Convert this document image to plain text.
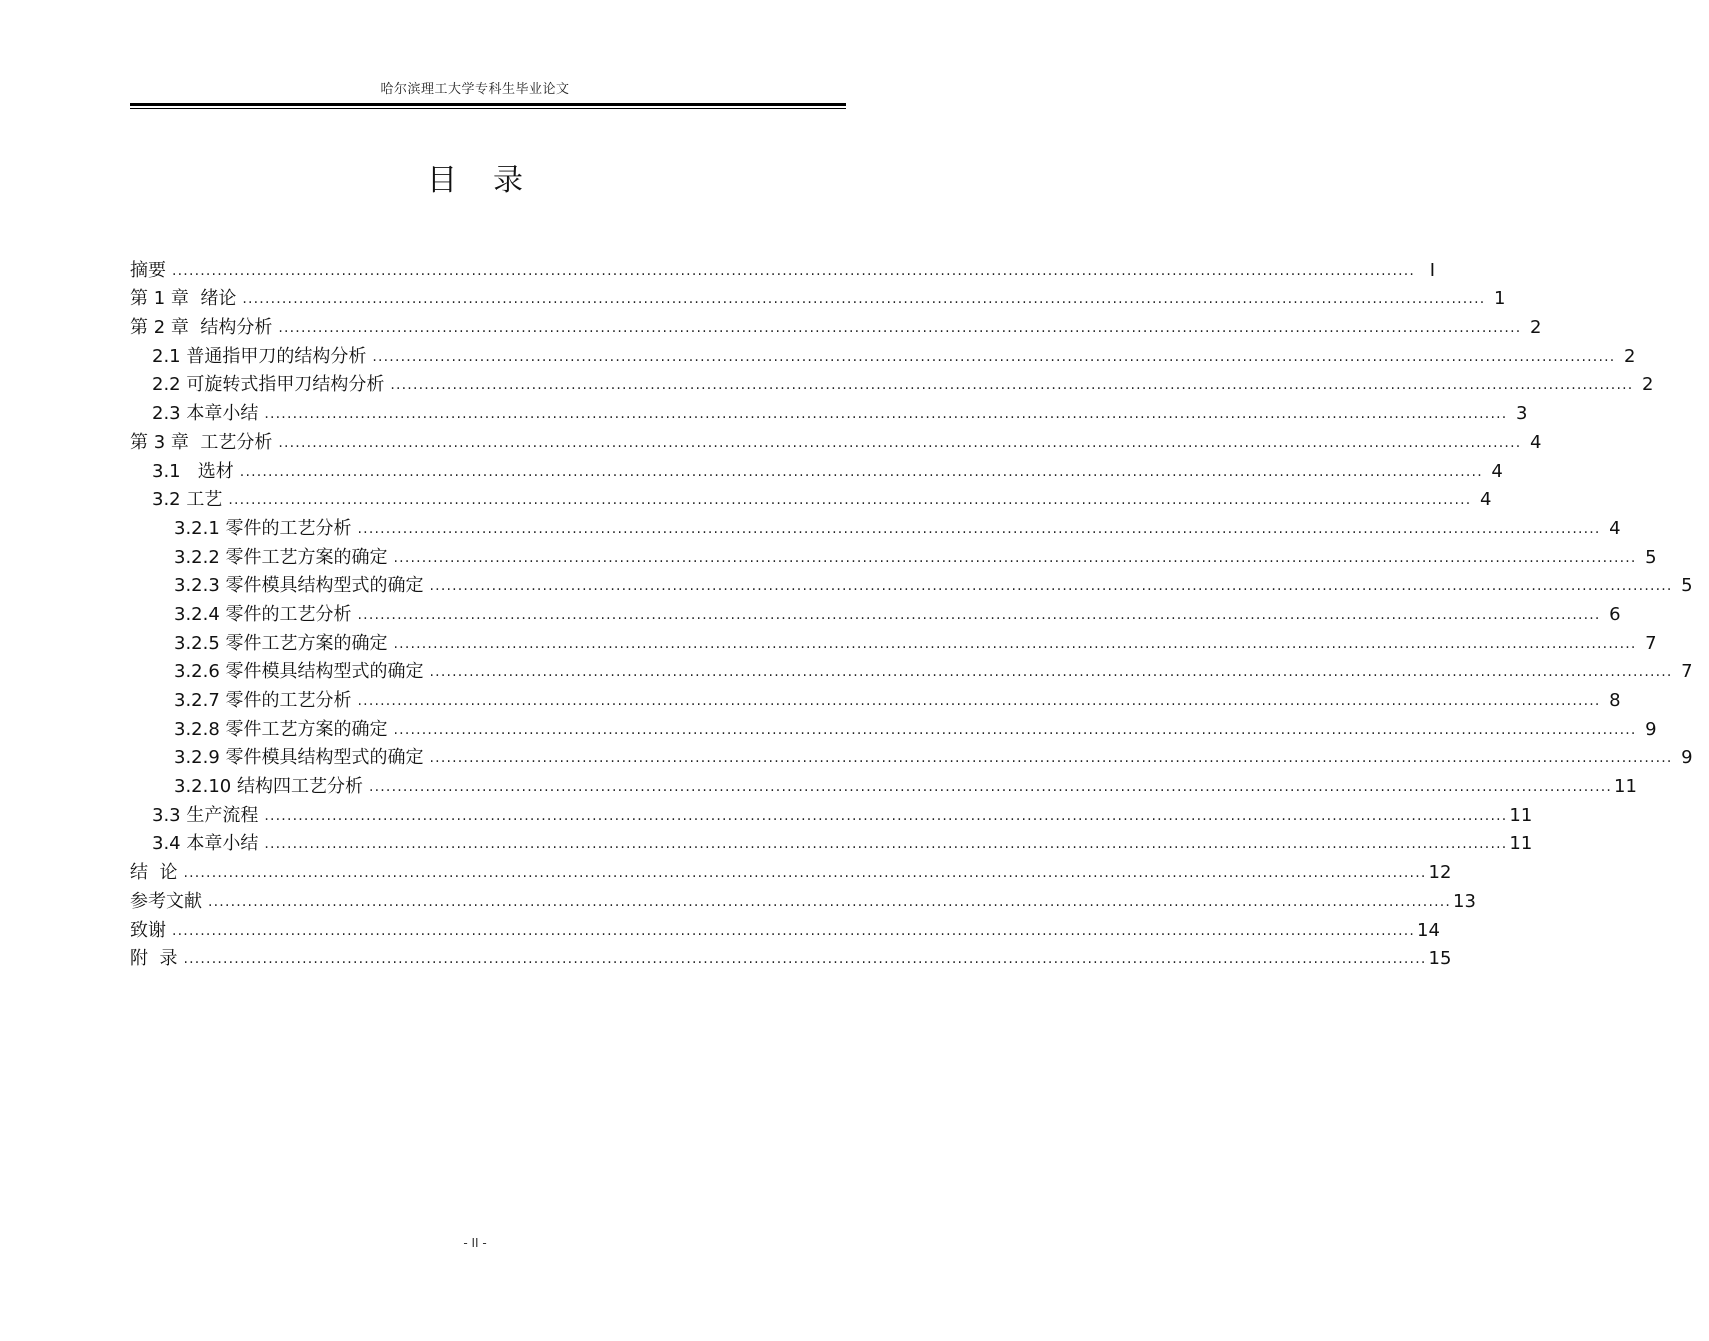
哈尔滨理工大学专科生毕业论文
目录
摘要 ............................................................................................................................................................................................................................ I
第 1 章  绪论 ............................................................................................................................................................................................................................ 1
第 2 章  结构分析 ............................................................................................................................................................................................................................ 2
2.1 普通指甲刀的结构分析 ............................................................................................................................................................................................................................ 2
2.2 可旋转式指甲刀结构分析 ............................................................................................................................................................................................................................ 2
2.3 本章小结 ............................................................................................................................................................................................................................ 3
第 3 章  工艺分析 ............................................................................................................................................................................................................................ 4
3.1   选材 ............................................................................................................................................................................................................................ 4
3.2 工艺 ............................................................................................................................................................................................................................ 4
3.2.1 零件的工艺分析 ............................................................................................................................................................................................................................ 4
3.2.2 零件工艺方案的确定 ............................................................................................................................................................................................................................ 5
3.2.3 零件模具结构型式的确定 ............................................................................................................................................................................................................................ 5
3.2.4 零件的工艺分析 ............................................................................................................................................................................................................................ 6
3.2.5 零件工艺方案的确定 ............................................................................................................................................................................................................................ 7
3.2.6 零件模具结构型式的确定 ............................................................................................................................................................................................................................ 7
3.2.7 零件的工艺分析 ............................................................................................................................................................................................................................ 8
3.2.8 零件工艺方案的确定 ............................................................................................................................................................................................................................ 9
3.2.9 零件模具结构型式的确定 ............................................................................................................................................................................................................................ 9
3.2.10 结构四工艺分析 ............................................................................................................................................................................................................................ 11
3.3 生产流程 ............................................................................................................................................................................................................................ 11
3.4 本章小结 ............................................................................................................................................................................................................................ 11
结  论 ............................................................................................................................................................................................................................ 12
参考文献 ............................................................................................................................................................................................................................ 13
致谢 ............................................................................................................................................................................................................................ 14
附  录 ............................................................................................................................................................................................................................ 15
- II -
